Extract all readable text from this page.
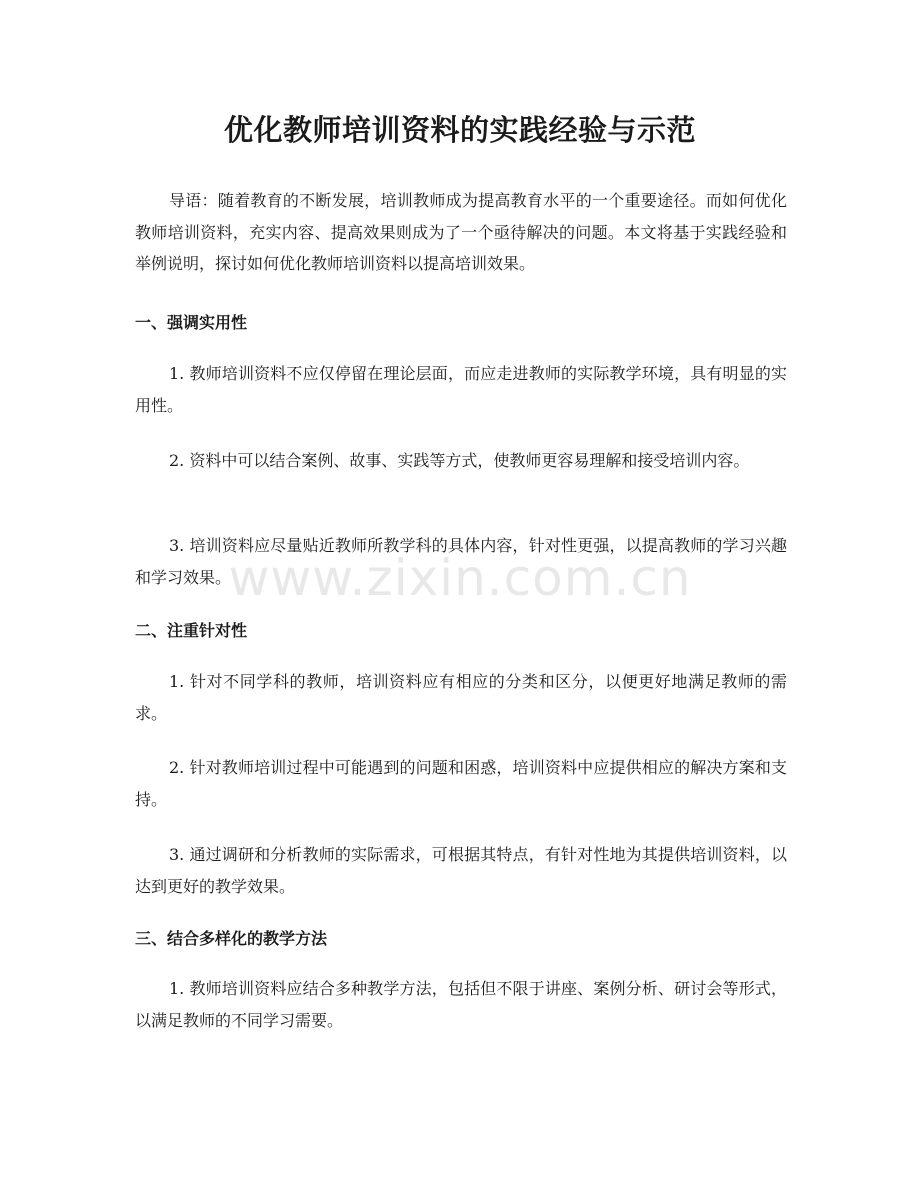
优化教师培训资料的实践经验与示范

导语：随着教育的不断发展，培训教师成为提高教育水平的一个重要途径。而如何优化教师培训资料，充实内容、提高效果则成为了一个亟待解决的问题。本文将基于实践经验和举例说明，探讨如何优化教师培训资料以提高培训效果。

一、强调实用性

1. 教师培训资料不应仅停留在理论层面，而应走进教师的实际教学环境，具有明显的实用性。

2. 资料中可以结合案例、故事、实践等方式，使教师更容易理解和接受培训内容。

3. 培训资料应尽量贴近教师所教学科的具体内容，针对性更强，以提高教师的学习兴趣和学习效果。

二、注重针对性

1. 针对不同学科的教师，培训资料应有相应的分类和区分，以便更好地满足教师的需求。

2. 针对教师培训过程中可能遇到的问题和困惑，培训资料中应提供相应的解决方案和支持。

3. 通过调研和分析教师的实际需求，可根据其特点，有针对性地为其提供培训资料，以达到更好的教学效果。

三、结合多样化的教学方法

1. 教师培训资料应结合多种教学方法，包括但不限于讲座、案例分析、研讨会等形式，以满足教师的不同学习需要。

www.zixin.com.cn
